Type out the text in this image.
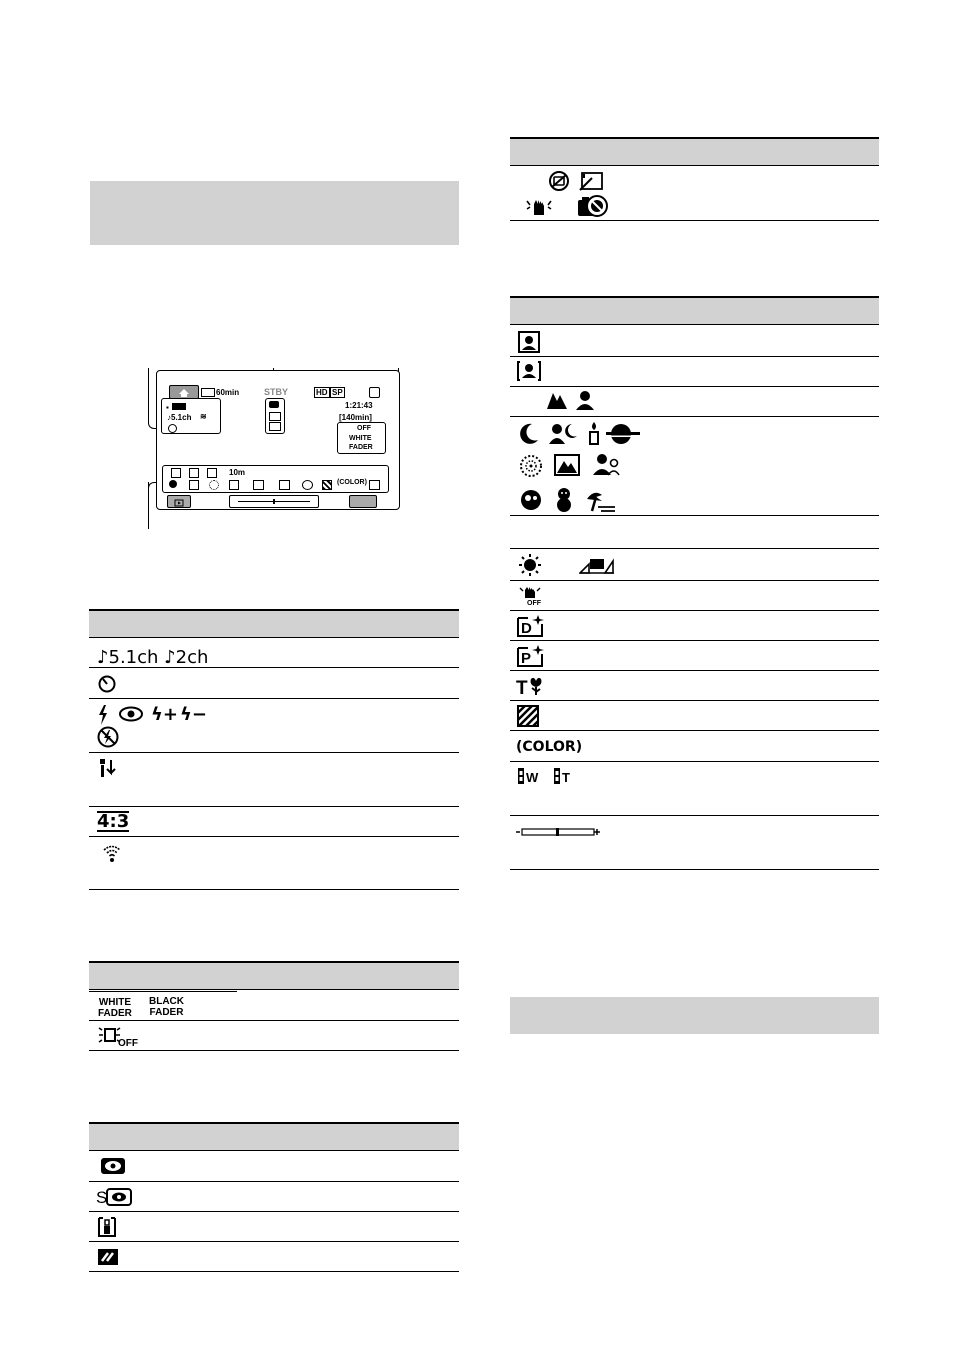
60min	STBY	HD SP
▪
♪5.1ch ≋
1:21:43
[140min]
OFF
WHITE
FADER
10m
(COLOR)
♪5.1ch ♪2ch
ϟ+ ϟ−
4:3
WHITE
FADER
BLACK
FADER
OFF
S
OFF
D
P
T
(COLOR)
W T
